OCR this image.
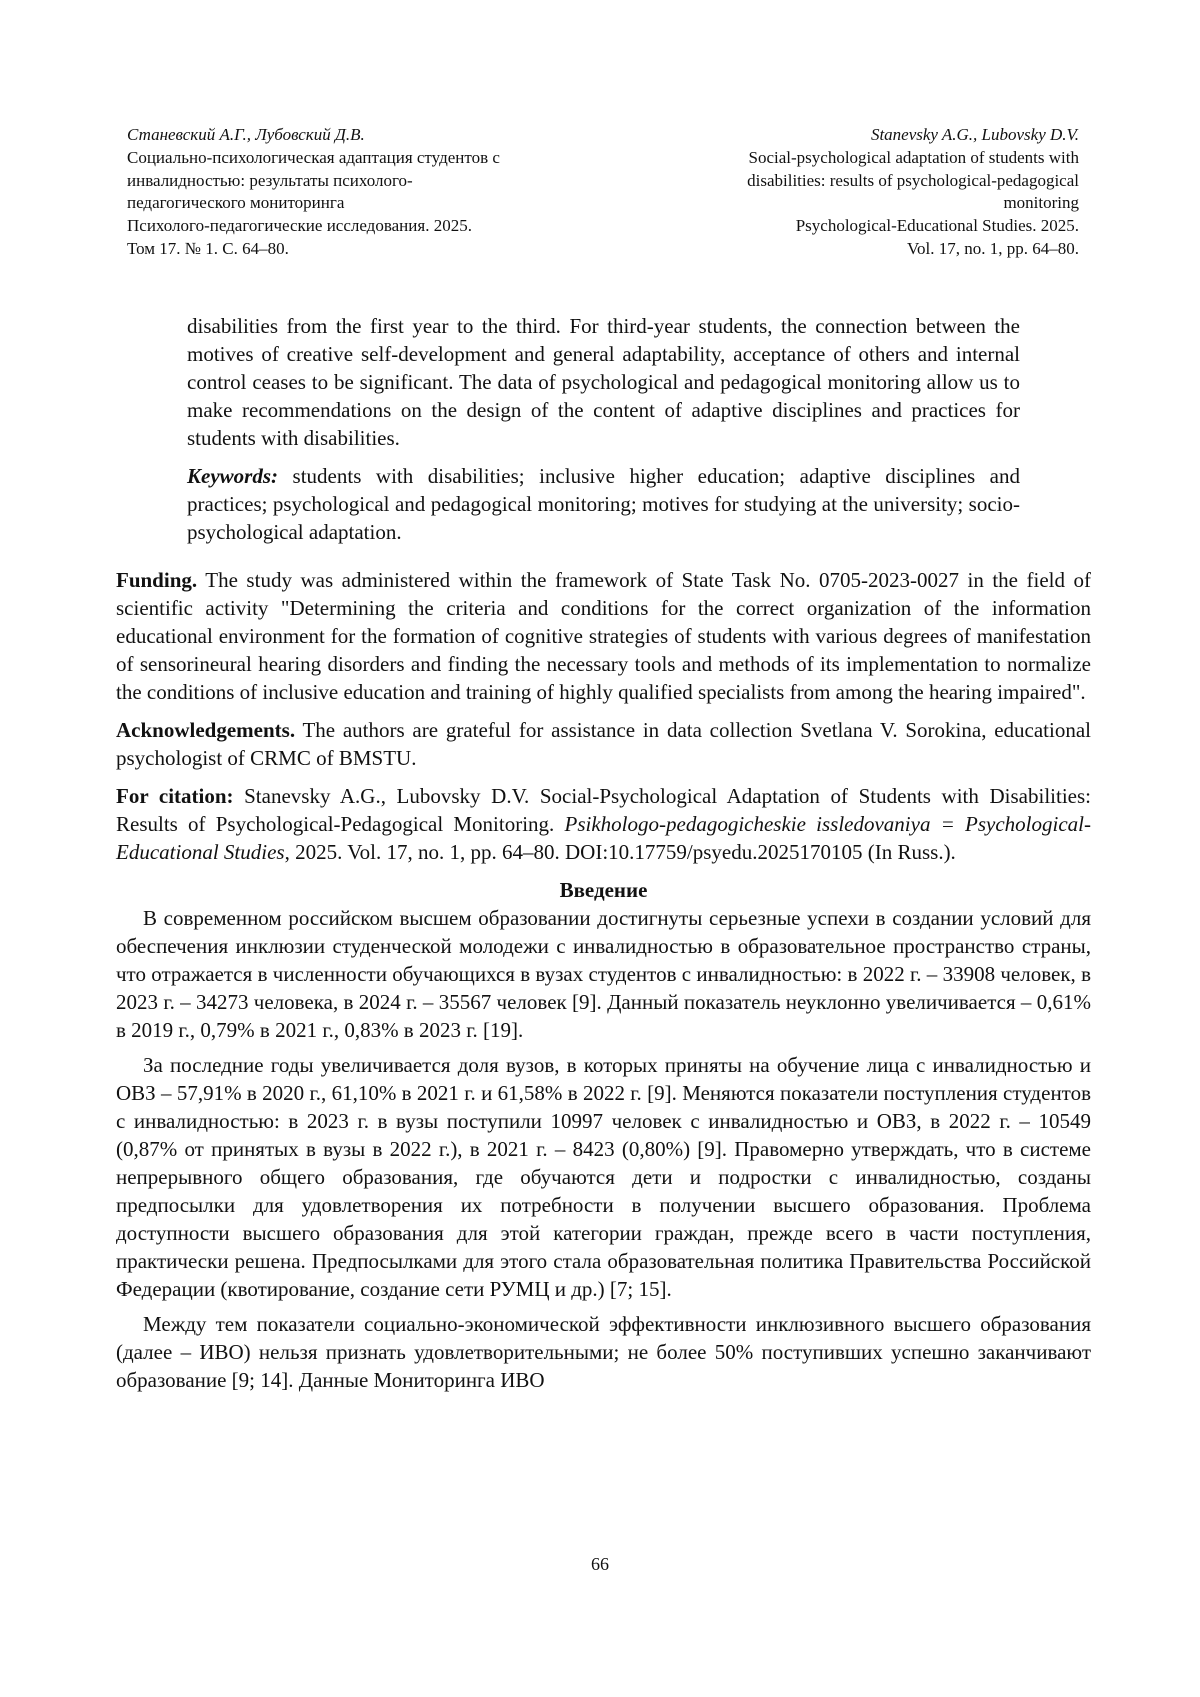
Станевский А.Г., Лубовский Д.В.
Социально-психологическая адаптация студентов с
инвалидностью: результаты психолого-
педагогического мониторинга
Психолого-педагогические исследования. 2025.
Том 17. № 1. С. 64–80.
Stanevsky A.G., Lubovsky D.V.
Social-psychological adaptation of students with
disabilities: results of psychological-pedagogical
monitoring
Psychological-Educational Studies. 2025.
Vol. 17, no. 1, pp. 64–80.

disabilities from the first year to the third. For third-year students, the connection between the motives of creative self-development and general adaptability, acceptance of others and internal control ceases to be significant. The data of psychological and pedagogical monitoring allow us to make recommendations on the design of the content of adaptive disciplines and practices for students with disabilities.

Keywords: students with disabilities; inclusive higher education; adaptive disciplines and practices; psychological and pedagogical monitoring; motives for studying at the university; socio-psychological adaptation.

Funding. The study was administered within the framework of State Task No. 0705-2023-0027 in the field of scientific activity "Determining the criteria and conditions for the correct organization of the information educational environment for the formation of cognitive strategies of students with various degrees of manifestation of sensorineural hearing disorders and finding the necessary tools and methods of its implementation to normalize the conditions of inclusive education and training of highly qualified specialists from among the hearing impaired".

Acknowledgements. The authors are grateful for assistance in data collection Svetlana V. Sorokina, educational psychologist of CRMC of BMSTU.

For citation: Stanevsky A.G., Lubovsky D.V. Social-Psychological Adaptation of Students with Disabilities: Results of Psychological-Pedagogical Monitoring. Psikhologo-pedagogicheskie issledovaniya = Psychological-Educational Studies, 2025. Vol. 17, no. 1, pp. 64–80. DOI:10.17759/psyedu.2025170105 (In Russ.).

Введение

В современном российском высшем образовании достигнуты серьезные успехи в создании условий для обеспечения инклюзии студенческой молодежи с инвалидностью в образовательное пространство страны, что отражается в численности обучающихся в вузах студентов с инвалидностью: в 2022 г. – 33908 человек, в 2023 г. – 34273 человека, в 2024 г. – 35567 человек [9]. Данный показатель неуклонно увеличивается – 0,61% в 2019 г., 0,79% в 2021 г., 0,83% в 2023 г. [19].

За последние годы увеличивается доля вузов, в которых приняты на обучение лица с инвалидностью и ОВЗ – 57,91% в 2020 г., 61,10% в 2021 г. и 61,58% в 2022 г. [9]. Меняются показатели поступления студентов с инвалидностью: в 2023 г. в вузы поступили 10997 человек с инвалидностью и ОВЗ, в 2022 г. – 10549 (0,87% от принятых в вузы в 2022 г.), в 2021 г. – 8423 (0,80%) [9]. Правомерно утверждать, что в системе непрерывного общего образования, где обучаются дети и подростки с инвалидностью, созданы предпосылки для удовлетворения их потребности в получении высшего образования. Проблема доступности высшего образования для этой категории граждан, прежде всего в части поступления, практически решена. Предпосылками для этого стала образовательная политика Правительства Российской Федерации (квотирование, создание сети РУМЦ и др.) [7; 15].

Между тем показатели социально-экономической эффективности инклюзивного высшего образования (далее – ИВО) нельзя признать удовлетворительными; не более 50% поступивших успешно заканчивают образование [9; 14]. Данные Мониторинга ИВО

66
